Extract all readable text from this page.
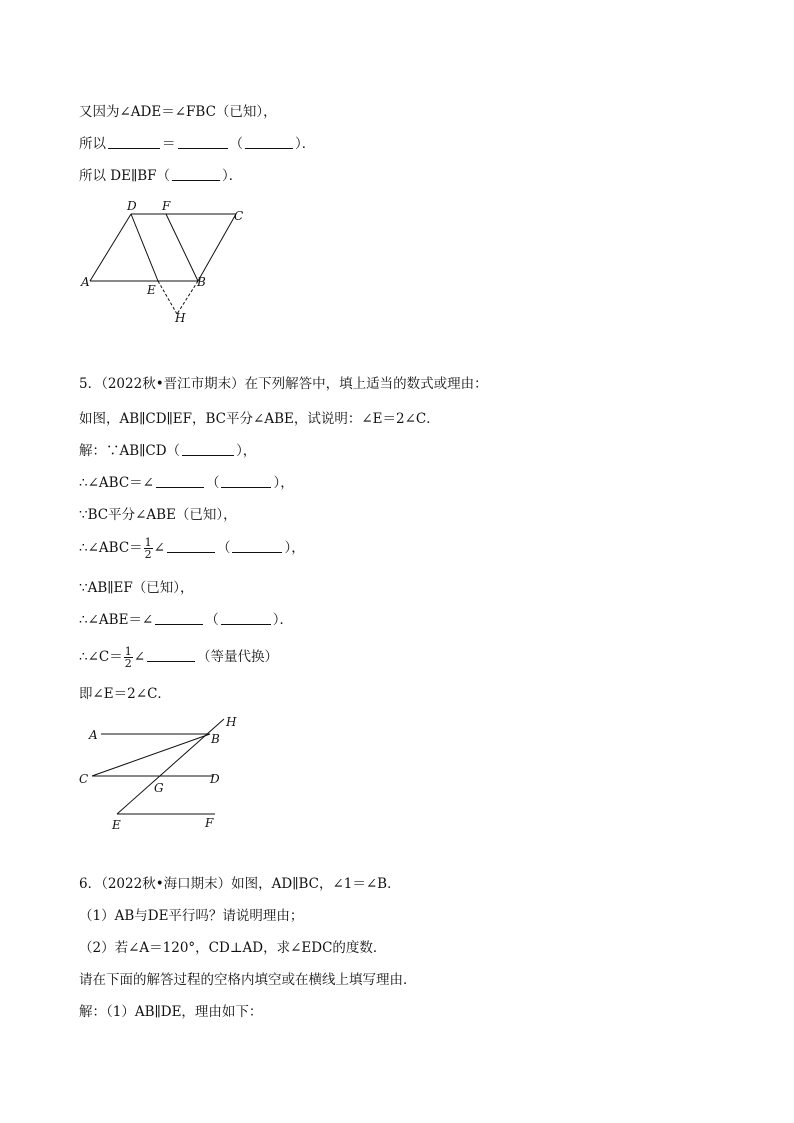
又因为∠ADE＝∠FBC（已知），
所以	＝	（	）．
所以 DE∥BF（	）．
D F
C
A
E
B
H
5．（2022秋•晋江市期末）在下列解答中，填上适当的数式或理由：
如图，AB∥CD∥EF，BC平分∠ABE，试说明：∠E＝2∠C．
解：∵AB∥CD（	），
∴∠ABC＝∠	（	），
∵BC平分∠ABE（已知），
∴∠ABC＝ $\frac{1}{2}$ ∠	（	），
∵AB∥EF（已知），
∴∠ABE＝∠	（	）．
∴∠C＝ $\frac{1}{2}$ ∠	（等量代换）
即∠E＝2∠C．
H
A	B
C	D
G
E	F
6．（2022秋•海口期末）如图，AD∥BC，∠1＝∠B．
（1）AB与DE平行吗？请说明理由；
（2）若∠A＝120°，CD⊥AD，求∠EDC的度数．
请在下面的解答过程的空格内填空或在横线上填写理由．
解：（1）AB∥DE，理由如下：
